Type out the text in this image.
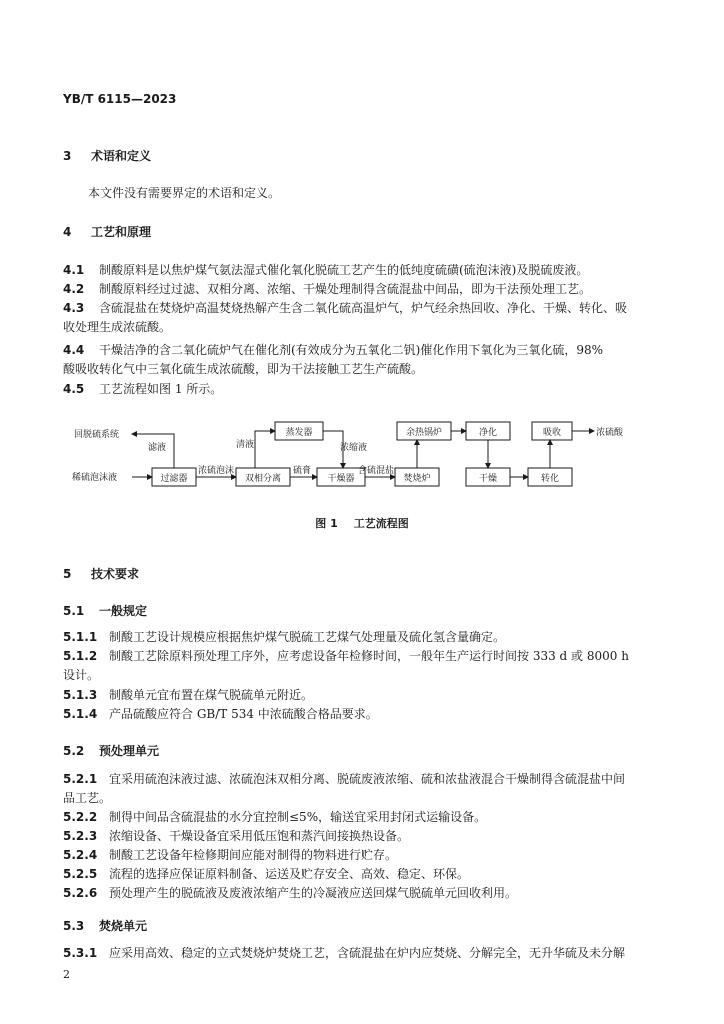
YB/T 6115—2023
3 术语和定义
本文件没有需要界定的术语和定义。
4 工艺和原理
4.1 制酸原料是以焦炉煤气氨法湿式催化氧化脱硫工艺产生的低纯度硫磺(硫泡沫液)及脱硫废液。
4.2 制酸原料经过过滤、双相分离、浓缩、干燥处理制得含硫混盐中间品，即为干法预处理工艺。
4.3 含硫混盐在焚烧炉高温焚烧热解产生含二氧化硫高温炉气，炉气经余热回收、净化、干燥、转化、吸
收处理生成浓硫酸。
4.4 干燥洁净的含二氧化硫炉气在催化剂(有效成分为五氧化二钒)催化作用下氧化为三氧化硫，98%
酸吸收转化气中三氧化硫生成浓硫酸，即为干法接触工艺生产硫酸。
4.5 工艺流程如图 1 所示。
过滤器	双相分离
蒸发器
干燥器	焚烧炉
余热锅炉	净化
干燥
吸收
转化
回脱硫系统
滤液
稀硫泡沫液
浓硫泡沫
清液	浓缩液
硫膏	含硫混盐
浓硫酸
图 1 工艺流程图
5 技术要求
5.1 一般规定
5.1.1 制酸工艺设计规模应根据焦炉煤气脱硫工艺煤气处理量及硫化氢含量确定。
5.1.2 制酸工艺除原料预处理工序外，应考虑设备年检修时间，一般年生产运行时间按 333 d 或 8000 h
设计。
5.1.3 制酸单元宜布置在煤气脱硫单元附近。
5.1.4 产品硫酸应符合 GB/T 534 中浓硫酸合格品要求。
5.2 预处理单元
5.2.1 宜采用硫泡沫液过滤、浓硫泡沫双相分离、脱硫废液浓缩、硫和浓盐液混合干燥制得含硫混盐中间
品工艺。
5.2.2 制得中间品含硫混盐的水分宜控制≤5%，输送宜采用封闭式运输设备。
5.2.3 浓缩设备、干燥设备宜采用低压饱和蒸汽间接换热设备。
5.2.4 制酸工艺设备年检修期间应能对制得的物料进行贮存。
5.2.5 流程的选择应保证原料制备、运送及贮存安全、高效、稳定、环保。
5.2.6 预处理产生的脱硫液及废液浓缩产生的冷凝液应送回煤气脱硫单元回收利用。
5.3 焚烧单元
5.3.1 应采用高效、稳定的立式焚烧炉焚烧工艺，含硫混盐在炉内应焚烧、分解完全，无升华硫及未分解
2
